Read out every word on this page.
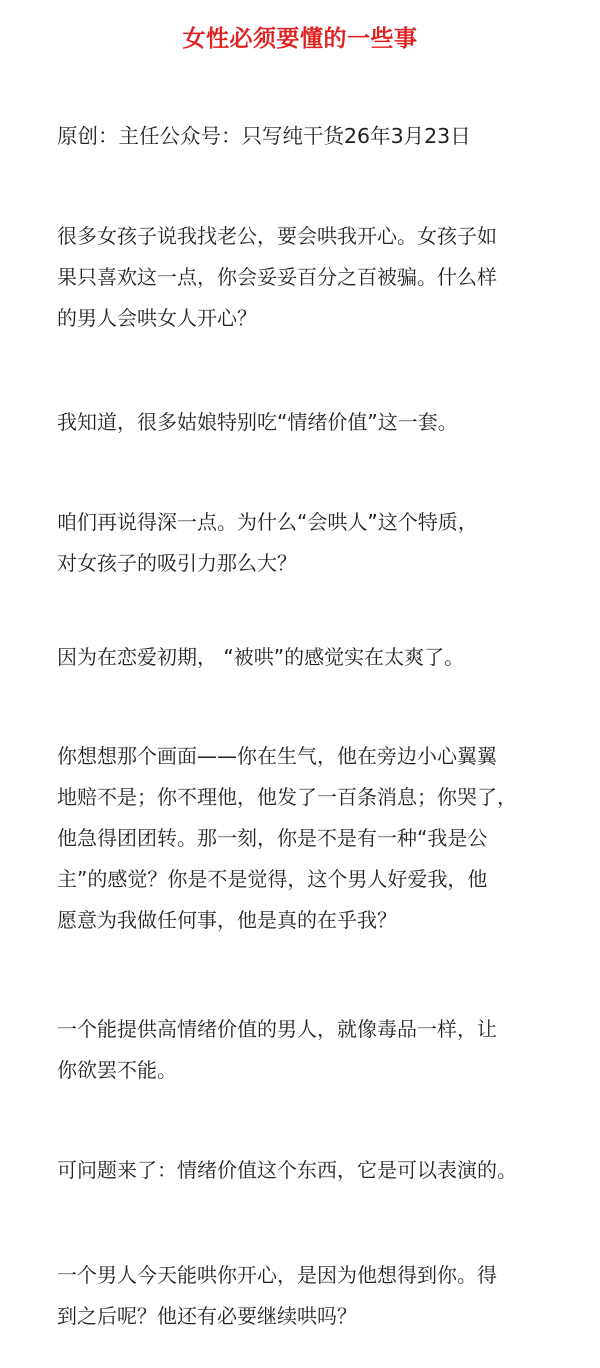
女性必须要懂的一些事

原创：主任公众号：只写纯干货26年3月23日

很多女孩子说我找老公，要会哄我开心。女孩子如
果只喜欢这一点，你会妥妥百分之百被骗。什么样
的男人会哄女人开心？

我知道，很多姑娘特别吃“情绪价值”这一套。

咱们再说得深一点。为什么“会哄人”这个特质，
对女孩子的吸引力那么大？

因为在恋爱初期， “被哄”的感觉实在太爽了。

你想想那个画面——你在生气，他在旁边小心翼翼
地赔不是；你不理他，他发了一百条消息；你哭了，
他急得团团转。那一刻，你是不是有一种“我是公
主”的感觉？你是不是觉得，这个男人好爱我，他
愿意为我做任何事，他是真的在乎我？

一个能提供高情绪价值的男人，就像毒品一样，让
你欲罢不能。

可问题来了：情绪价值这个东西，它是可以表演的。

一个男人今天能哄你开心，是因为他想得到你。得
到之后呢？他还有必要继续哄吗？
